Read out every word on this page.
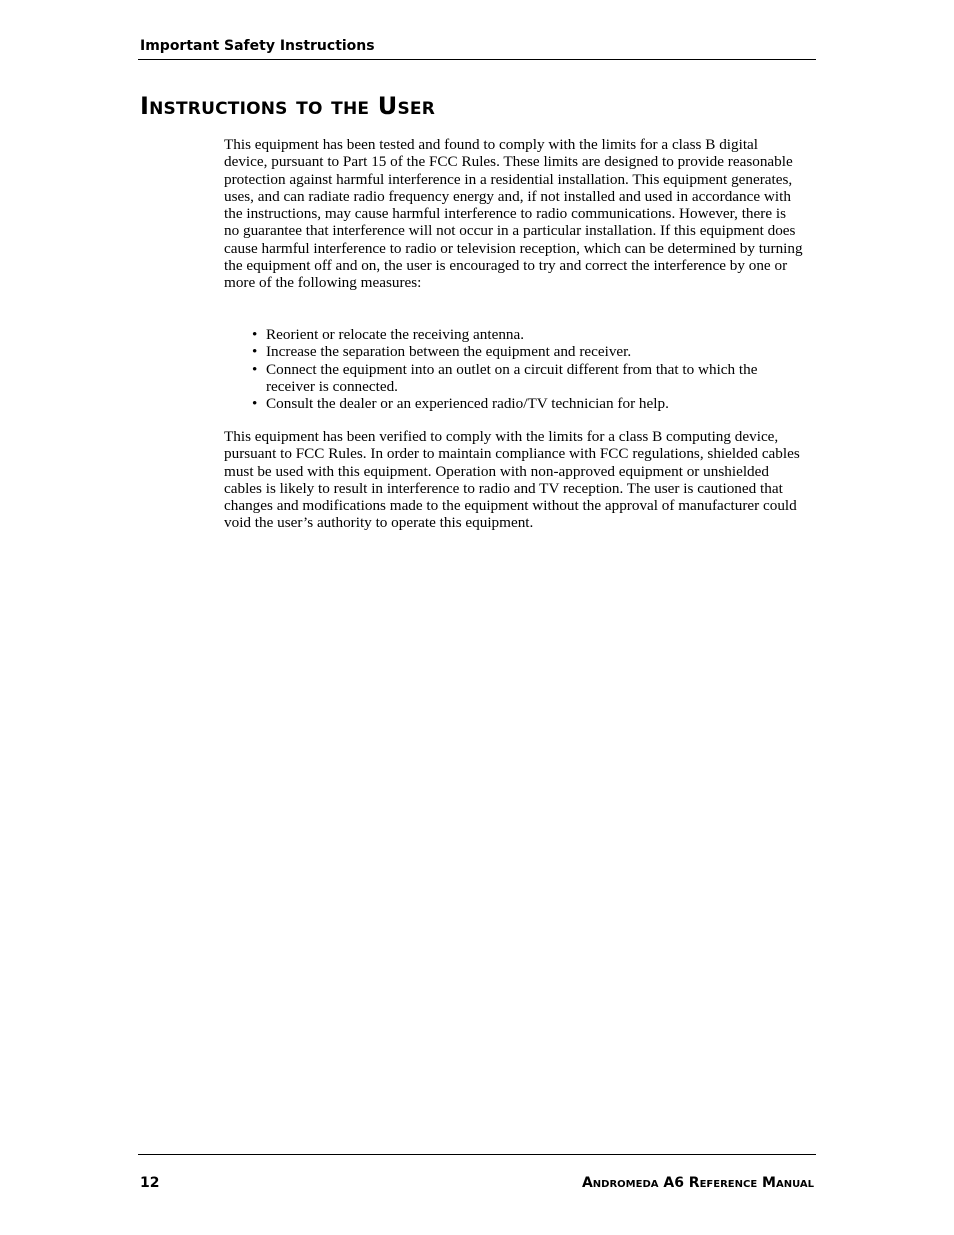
Important Safety Instructions
Instructions to the User

This equipment has been tested and found to comply with the limits for a class B digital device, pursuant to Part 15 of the FCC Rules. These limits are designed to provide reasonable protection against harmful interference in a residential installation. This equipment generates, uses, and can radiate radio frequency energy and, if not installed and used in accordance with the instructions, may cause harmful interference to radio communications. However, there is no guarantee that interference will not occur in a particular installation. If this equipment does cause harmful interference to radio or television reception, which can be determined by turning the equipment off and on, the user is encouraged to try and correct the interference by one or more of the following measures:

• Reorient or relocate the receiving antenna.
• Increase the separation between the equipment and receiver.
• Connect the equipment into an outlet on a circuit different from that to which the receiver is connected.
• Consult the dealer or an experienced radio/TV technician for help.

This equipment has been verified to comply with the limits for a class B computing device, pursuant to FCC Rules. In order to maintain compliance with FCC regulations, shielded cables must be used with this equipment. Operation with non-approved equipment or unshielded cables is likely to result in interference to radio and TV reception. The user is cautioned that changes and modifications made to the equipment without the approval of manufacturer could void the user’s authority to operate this equipment.

12	Andromeda A6 Reference Manual
